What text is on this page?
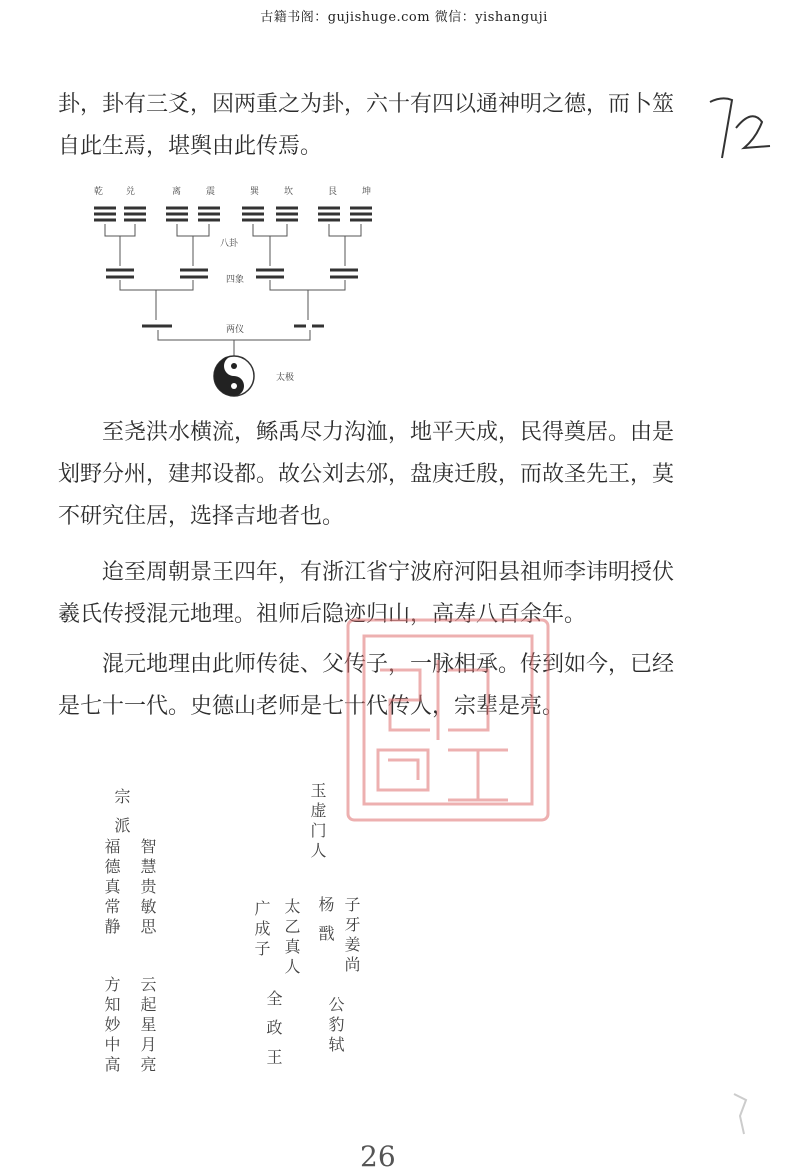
古籍书阁：gujishuge.com 微信：yishanguji

卦，卦有三爻，因两重之为卦，六十有四以通神明之德，而卜筮自此生焉，堪舆由此传焉。

乾	兑	离	震	巽	坎	艮	坤
八卦
四象
两仪
太极

至尧洪水横流，鲧禹尽力沟洫，地平天成，民得奠居。由是划野分州，建邦设都。故公刘去邠，盘庚迁殷，而故圣先王，莫不研究住居，选择吉地者也。

迨至周朝景王四年，有浙江省宁波府河阳县祖师李讳明授伏羲氏传授混元地理。祖师后隐迹归山，高寿八百余年。

混元地理由此师传徒、父传子，一脉相承。传到如今，已经是七十一代。史德山老师是七十代传人，宗辈是亮。

宗 派
智慧贵敏思
福德真常静
云起星月亮
方知妙中高
玉虚门人
子牙姜尚
杨 戬
公豹轼
太乙真人
广成子
全 政 王
26
